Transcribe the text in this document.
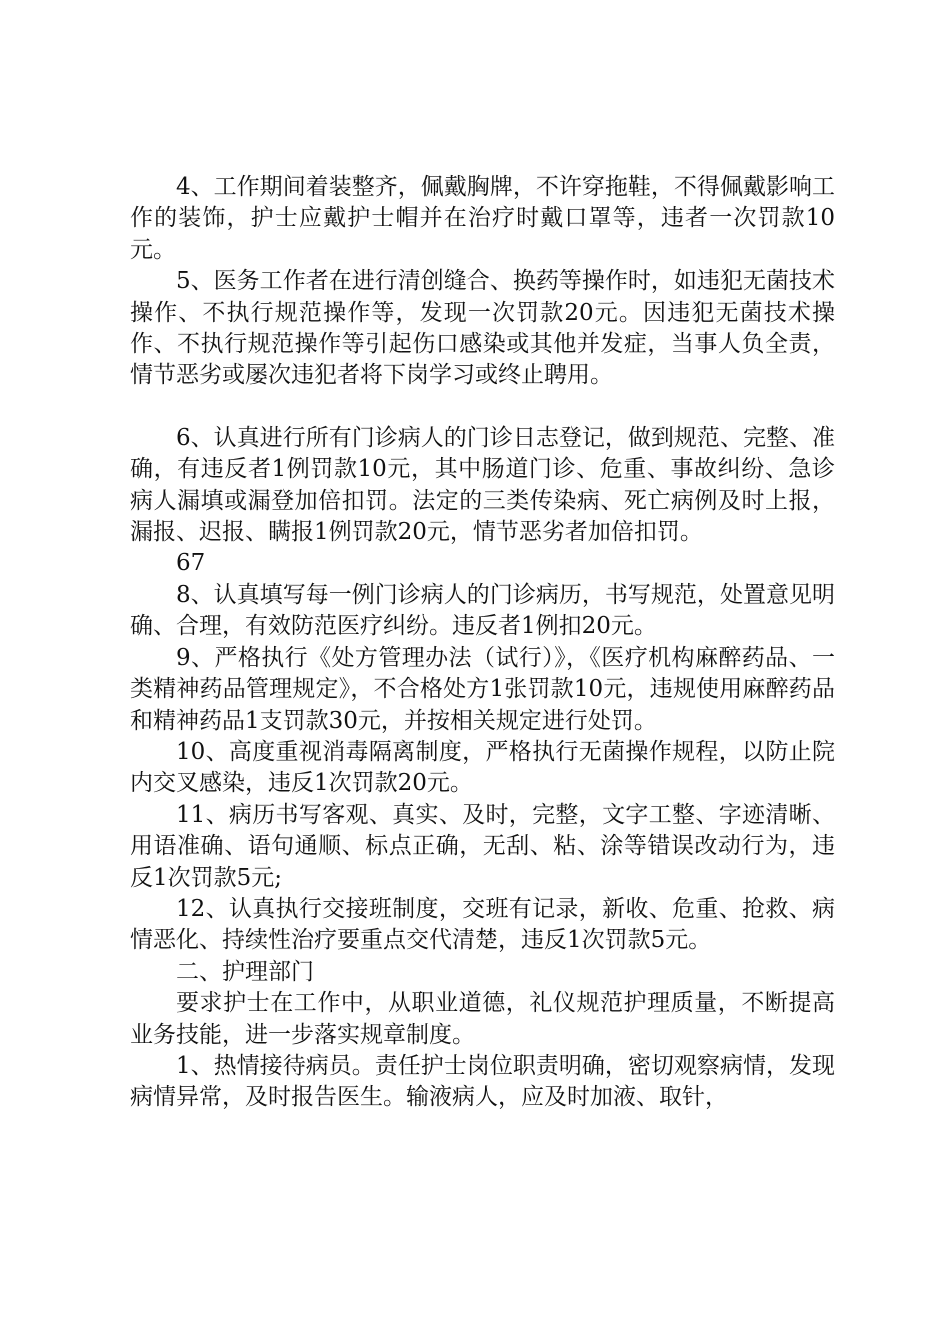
4、工作期间着装整齐，佩戴胸牌，不许穿拖鞋，不得佩戴影响工作的装饰，护士应戴护士帽并在治疗时戴口罩等，违者一次罚款10元。

5、医务工作者在进行清创缝合、换药等操作时，如违犯无菌技术操作、不执行规范操作等，发现一次罚款20元。因违犯无菌技术操作、不执行规范操作等引起伤口感染或其他并发症，当事人负全责，情节恶劣或屡次违犯者将下岗学习或终止聘用。

6、认真进行所有门诊病人的门诊日志登记，做到规范、完整、准确，有违反者1例罚款10元，其中肠道门诊、危重、事故纠纷、急诊病人漏填或漏登加倍扣罚。法定的三类传染病、死亡病例及时上报，漏报、迟报、瞒报1例罚款20元，情节恶劣者加倍扣罚。

67

8、认真填写每一例门诊病人的门诊病历，书写规范，处置意见明确、合理，有效防范医疗纠纷。违反者1例扣20元。

9、严格执行《处方管理办法（试行）》，《医疗机构麻醉药品、一类精神药品管理规定》，不合格处方1张罚款10元，违规使用麻醉药品和精神药品1支罚款30元，并按相关规定进行处罚。

10、高度重视消毒隔离制度，严格执行无菌操作规程，以防止院内交叉感染，违反1次罚款20元。

11、病历书写客观、真实、及时，完整，文字工整、字迹清晰、用语准确、语句通顺、标点正确，无刮、粘、涂等错误改动行为，违反1次罚款5元;

12、认真执行交接班制度，交班有记录，新收、危重、抢救、病情恶化、持续性治疗要重点交代清楚，违反1次罚款5元。

二、护理部门

要求护士在工作中，从职业道德，礼仪规范护理质量，不断提高业务技能，进一步落实规章制度。

1、热情接待病员。责任护士岗位职责明确，密切观察病情，发现病情异常，及时报告医生。输液病人，应及时加液、取针，
